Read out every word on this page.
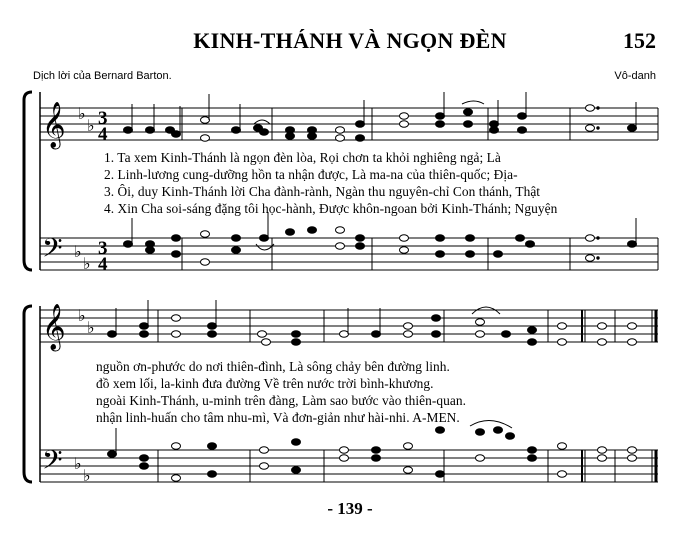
KINH-THÁNH VÀ NGỌN ĐÈN	152
Dịch lời của Bernard Barton.	Vô-danh
𝄞 ♭
♭ 3
4
𝄢 ♭
♭
3
4
𝄞 ♭
♭
𝄢 ♭
♭
1. Ta xem Kinh-Thánh là ngọn đèn lòa, Rọi chơn ta khỏi nghiêng ngả; Là
2. Linh-lương cung-dưỡng hồn ta nhận được, Là ma-na của thiên-quốc; Địa-
3. Ôi, duy Kinh-Thánh lời Cha đành-rành, Ngàn thu nguyên-chỉ Con thánh, Thật
4. Xin Cha soi-sáng đặng tôi học-hành, Được khôn-ngoan bởi Kinh-Thánh; Nguyện
nguồn ơn-phước do nơi thiên-đình, Là sông chảy bên đường linh.
đồ xem lối, la-kinh đưa đường Về trên nước trời bình-khương.
ngoài Kinh-Thánh, u-minh trên đàng, Làm sao bước vào thiên-quan.
nhận linh-huấn cho tâm nhu-mì, Và đơn-giản như hài-nhi. A-MEN.
- 139 -
